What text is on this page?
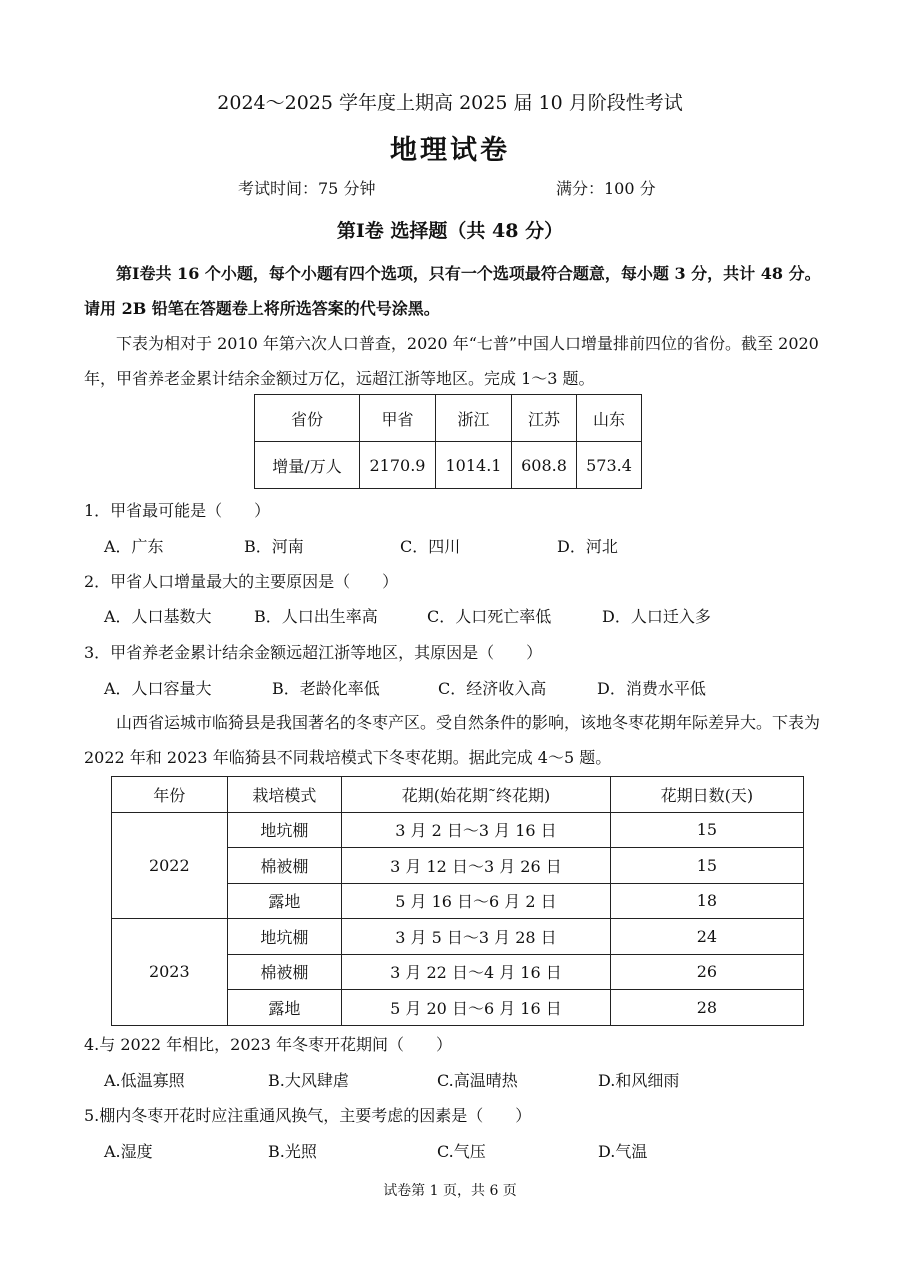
2024～2025 学年度上期高 2025 届 10 月阶段性考试
地理试卷
考试时间：75 分钟	满分：100 分
第Ⅰ卷 选择题（共 48 分）
第Ⅰ卷共 16 个小题，每个小题有四个选项，只有一个选项最符合题意，每小题 3 分，共计 48 分。请用 2B 铅笔在答题卷上将所选答案的代号涂黑。
下表为相对于 2010 年第六次人口普查，2020 年“七普”中国人口增量排前四位的省份。截至 2020 年，甲省养老金累计结余金额过万亿，远超江浙等地区。完成 1～3 题。
省份	甲省	浙江	江苏	山东
增量/万人	2170.9	1014.1	608.8	573.4
1．甲省最可能是（　　）
A．广东	B．河南	C．四川	D．河北
2．甲省人口增量最大的主要原因是（　　）
A．人口基数大	B．人口出生率高	C．人口死亡率低	D．人口迁入多
3．甲省养老金累计结余金额远超江浙等地区，其原因是（　　）
A．人口容量大	B．老龄化率低	C．经济收入高	D．消费水平低
山西省运城市临猗县是我国著名的冬枣产区。受自然条件的影响，该地冬枣花期年际差异大。下表为 2022 年和 2023 年临猗县不同栽培模式下冬枣花期。据此完成 4～5 题。
年份	栽培模式	花期(始花期˜终花期)	花期日数(天)
2022	地坑棚	3 月 2 日～3 月 16 日	15
	棉被棚	3 月 12 日～3 月 26 日	15
	露地	5 月 16 日～6 月 2 日	18
2023	地坑棚	3 月 5 日～3 月 28 日	24
	棉被棚	3 月 22 日～4 月 16 日	26
	露地	5 月 20 日～6 月 16 日	28
4.与 2022 年相比，2023 年冬枣开花期间（　　）
A.低温寡照	B.大风肆虐	C.高温晴热	D.和风细雨
5.棚内冬枣开花时应注重通风换气，主要考虑的因素是（　　）
A.湿度	B.光照	C.气压	D.气温
试卷第 1 页，共 6 页
